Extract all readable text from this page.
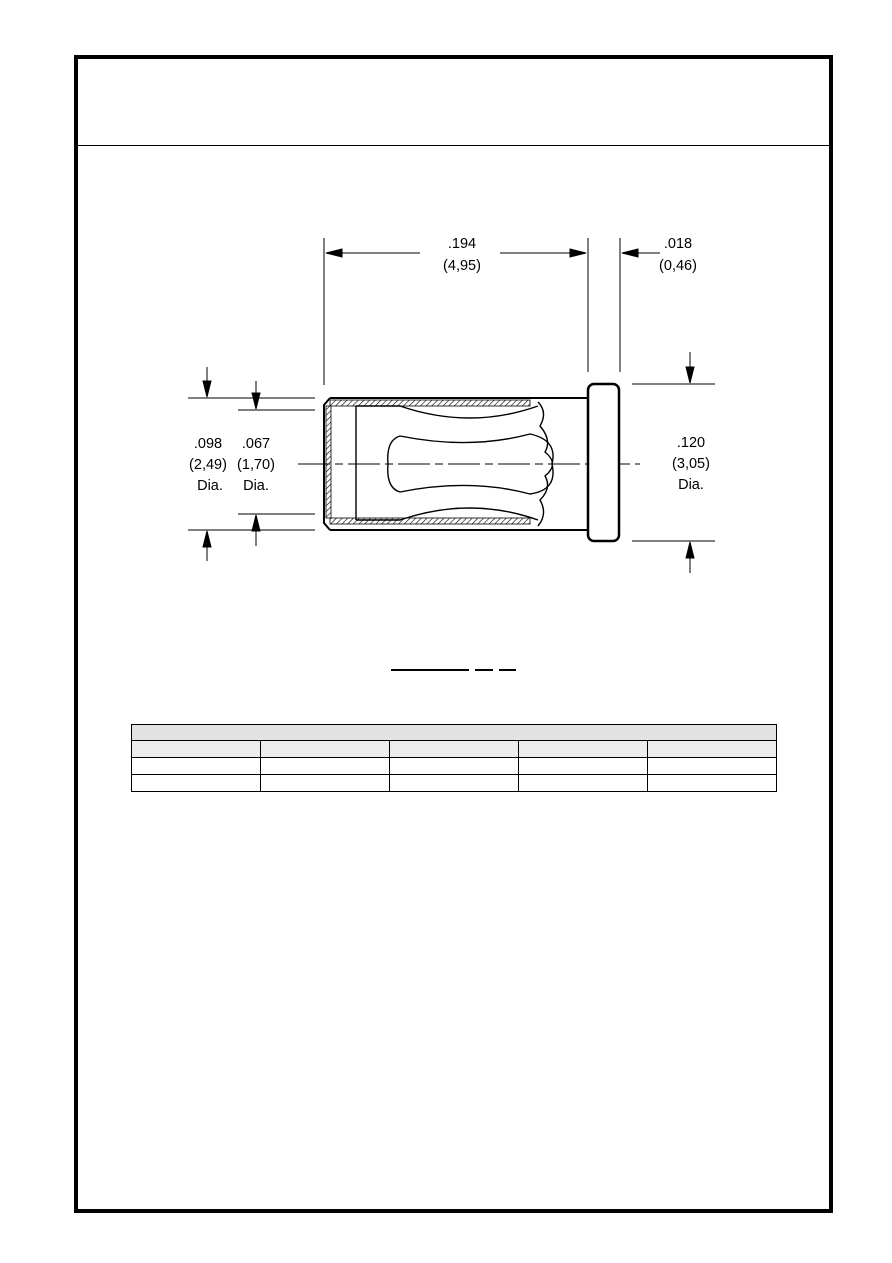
.194
(4,95)
.018
(0,46)
.098
(2,49)
Dia.
.067
(1,70)
Dia.
.120
(3,05)
Dia.
